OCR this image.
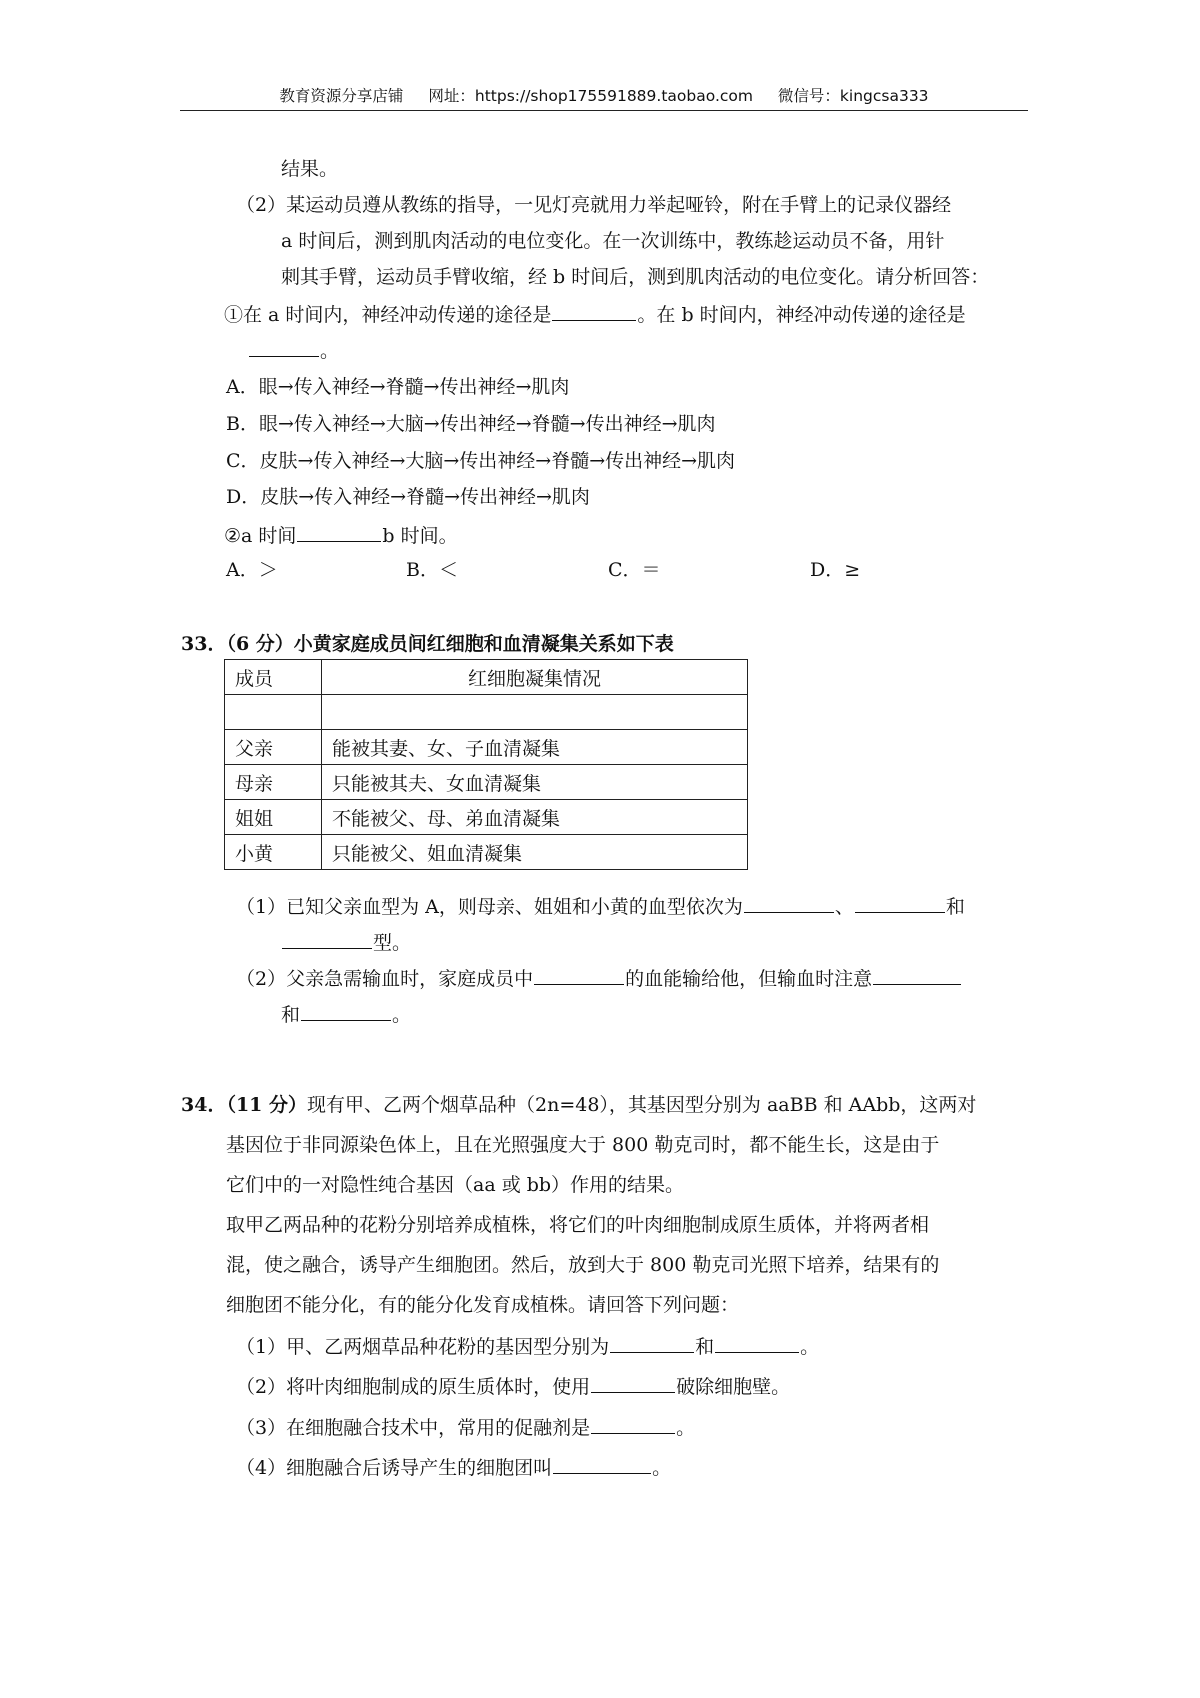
教育资源分享店铺 网址：https://shop175591889.taobao.com 微信号：kingcsa333
结果。
（2）某运动员遵从教练的指导，一见灯亮就用力举起哑铃，附在手臂上的记录仪器经
a 时间后，测到肌肉活动的电位变化。在一次训练中，教练趁运动员不备，用针
刺其手臂，运动员手臂收缩，经 b 时间后，测到肌肉活动的电位变化。请分析回答：
①在 a 时间内，神经冲动传递的途径是	。在 b 时间内，神经冲动传递的途径是
。
A．眼→传入神经→脊髓→传出神经→肌肉
B．眼→传入神经→大脑→传出神经→脊髓→传出神经→肌肉
C．皮肤→传入神经→大脑→传出神经→脊髓→传出神经→肌肉
D．皮肤→传入神经→脊髓→传出神经→肌肉
②a 时间	b 时间。
A．＞	B．＜	C．＝	D．≥
33．（6 分）小黄家庭成员间红细胞和血清凝集关系如下表
成员	红细胞凝集情况

父亲	能被其妻、女、子血清凝集
母亲	只能被其夫、女血清凝集
姐姐	不能被父、母、弟血清凝集
小黄	只能被父、姐血清凝集
（1）已知父亲血型为 A，则母亲、姐姐和小黄的血型依次为	、	和
型。
（2）父亲急需输血时，家庭成员中	的血能输给他，但输血时注意
和	。
34．（11 分）现有甲、乙两个烟草品种（2n=48），其基因型分别为 aaBB 和 AAbb，这两对
基因位于非同源染色体上，且在光照强度大于 800 勒克司时，都不能生长，这是由于
它们中的一对隐性纯合基因（aa 或 bb）作用的结果。
取甲乙两品种的花粉分别培养成植株，将它们的叶肉细胞制成原生质体，并将两者相
混，使之融合，诱导产生细胞团。然后，放到大于 800 勒克司光照下培养，结果有的
细胞团不能分化，有的能分化发育成植株。请回答下列问题：
（1）甲、乙两烟草品种花粉的基因型分别为	和	。
（2）将叶肉细胞制成的原生质体时，使用	破除细胞壁。
（3）在细胞融合技术中，常用的促融剂是	。
（4）细胞融合后诱导产生的细胞团叫	。
